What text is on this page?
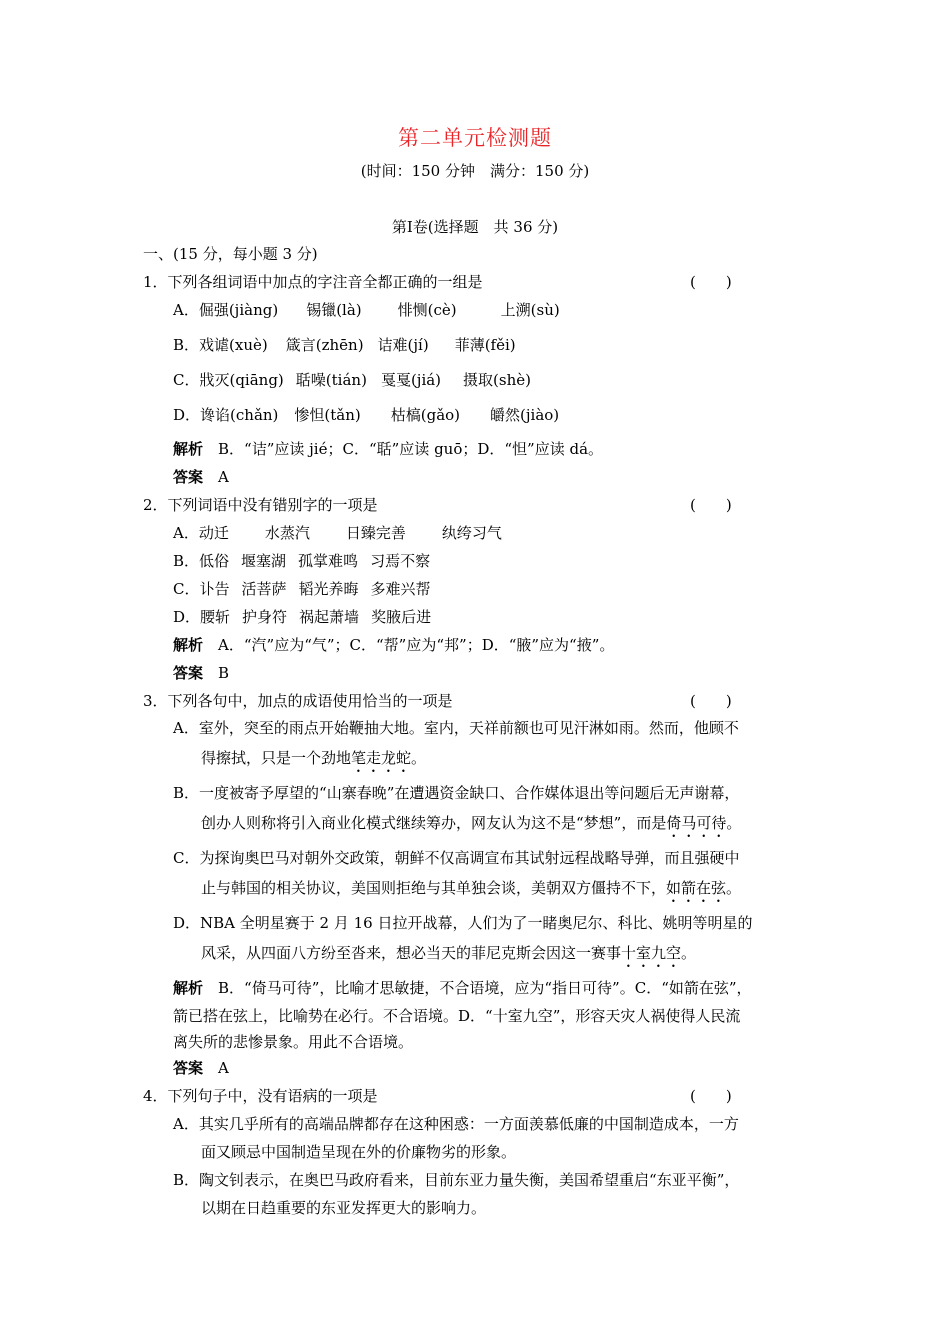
第二单元检测题
(时间：150 分钟　满分：150 分)
第Ⅰ卷(选择题　共 36 分)
一、(15 分，每小题 3 分)
1．下列各组词语中加点的字注音全都正确的一组是	(　　)
A．倔强(jiàng) 锡镴(là) 悱恻(cè)	上溯(sù)
B．戏谑(xuè) 箴言(zhēn) 诘难(jí) 菲薄(fěi)
C．戕灭(qiāng) 聒噪(tián) 戛戛(jiá) 摄取(shè)
D．谗谄(chǎn) 惨怛(tǎn) 枯槁(gǎo) 皭然(jiào)
解析　 B．“诘”应读 jié；C．“聒”应读 guō；D．“怛”应读 dá。
答案　 A
2．下列词语中没有错别字的一项是	(　　)
A．动迁 水蒸汽 日臻完善 纨绔习气
B．低俗 堰塞湖 孤掌难鸣 习焉不察
C．讣告 活菩萨 韬光养晦 多难兴帮
D．腰斩 护身符 祸起萧墙 奖腋后进
解析　 A．“汽”应为“气”；C．“帮”应为“邦”；D．“腋”应为“掖”。
答案　 B
3．下列各句中，加点的成语使用恰当的一项是	(　　)
A．室外，突至的雨点开始鞭抽大地。室内，天祥前额也可见汗淋如雨。然而，他顾不
得擦拭，只是一个劲地笔走龙蛇。
B．一度被寄予厚望的“山寨春晚”在遭遇资金缺口、合作媒体退出等问题后无声谢幕，
创办人则称将引入商业化模式继续筹办，网友认为这不是“梦想”，而是倚马可待。
C．为探询奥巴马对朝外交政策，朝鲜不仅高调宣布其试射远程战略导弹，而且强硬中
止与韩国的相关协议，美国则拒绝与其单独会谈，美朝双方僵持不下，如箭在弦。
D．NBA 全明星赛于 2 月 16 日拉开战幕，人们为了一睹奥尼尔、科比、姚明等明星的
风采，从四面八方纷至沓来，想必当天的菲尼克斯会因这一赛事十室九空。
解析　 B．“倚马可待”，比喻才思敏捷，不合语境，应为“指日可待”。C．“如箭在弦”，
箭已搭在弦上，比喻势在必行。不合语境。D．“十室九空”，形容天灾人祸使得人民流
离失所的悲惨景象。用此不合语境。
答案　 A
4．下列句子中，没有语病的一项是	(　　)
A．其实几乎所有的高端品牌都存在这种困惑：一方面羡慕低廉的中国制造成本，一方
面又顾忌中国制造呈现在外的价廉物劣的形象。
B．陶文钊表示，在奥巴马政府看来，目前东亚力量失衡，美国希望重启“东亚平衡”，
以期在日趋重要的东亚发挥更大的影响力。
